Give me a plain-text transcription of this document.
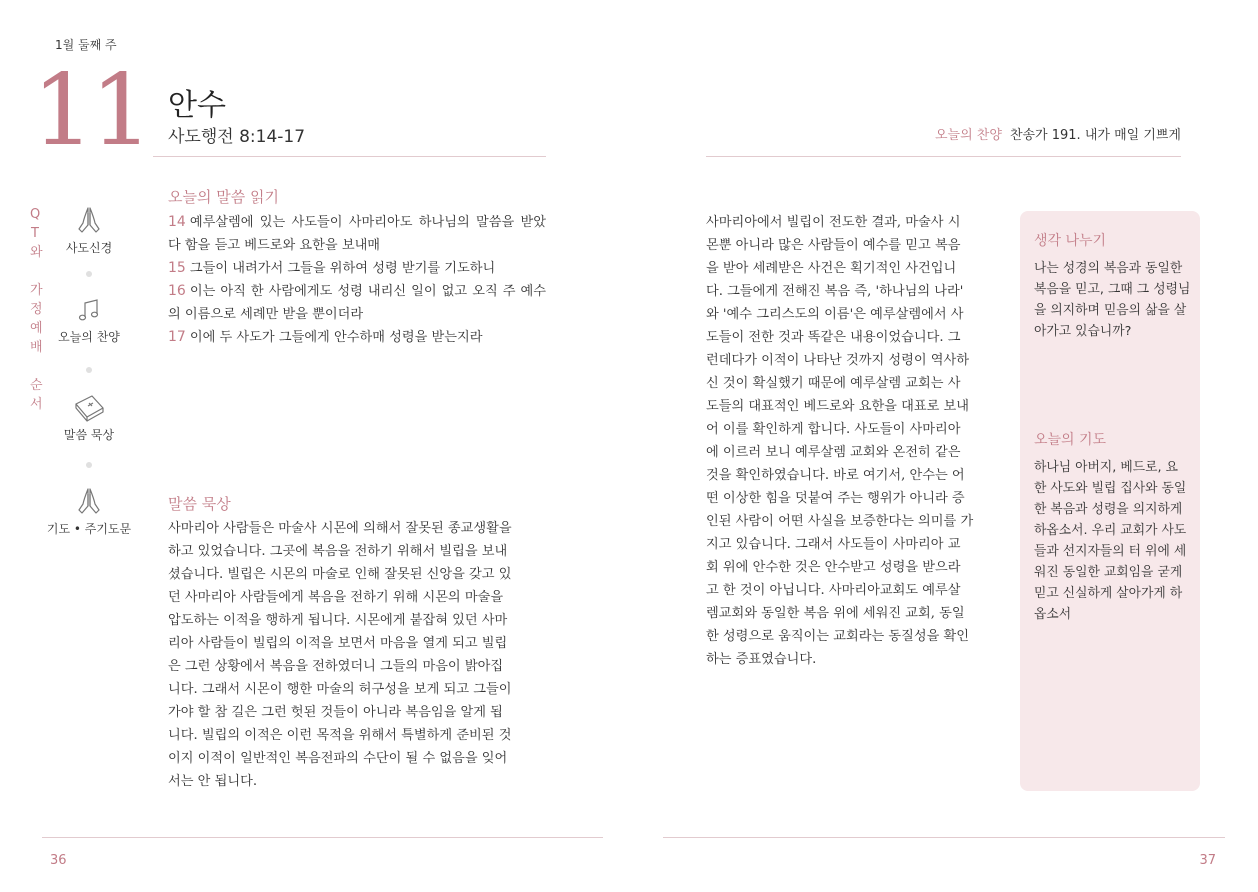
1월 둘째 주
11 안수
사도행전 8:14-17	오늘의 찬양 찬송가 191. 내가 매일 기쁘게
Q
T
와
가
정
예
배
순
서
사도신경
오늘의 찬양
말씀 묵상
기도 • 주기도문
오늘의 말씀 읽기
14 예루살렘에 있는 사도들이 사마리아도 하나님의 말씀을 받았다 함을 듣고 베드로와 요한을 보내매
15 그들이 내려가서 그들을 위하여 성령 받기를 기도하니
16 이는 아직 한 사람에게도 성령 내리신 일이 없고 오직 주 예수의 이름으로 세례만 받을 뿐이더라
17 이에 두 사도가 그들에게 안수하매 성령을 받는지라
말씀 묵상
사마리아 사람들은 마술사 시몬에 의해서 잘못된 종교생활을
하고 있었습니다. 그곳에 복음을 전하기 위해서 빌립을 보내
셨습니다. 빌립은 시몬의 마술로 인해 잘못된 신앙을 갖고 있
던 사마리아 사람들에게 복음을 전하기 위해 시몬의 마술을
압도하는 이적을 행하게 됩니다. 시몬에게 붙잡혀 있던 사마
리아 사람들이 빌립의 이적을 보면서 마음을 열게 되고 빌립
은 그런 상황에서 복음을 전하였더니 그들의 마음이 밝아집
니다. 그래서 시몬이 행한 마술의 허구성을 보게 되고 그들이
가야 할 참 길은 그런 헛된 것들이 아니라 복음임을 알게 됩
니다. 빌립의 이적은 이런 목적을 위해서 특별하게 준비된 것
이지 이적이 일반적인 복음전파의 수단이 될 수 없음을 잊어
서는 안 됩니다.
사마리아에서 빌립이 전도한 결과, 마술사 시
몬뿐 아니라 많은 사람들이 예수를 믿고 복음
을 받아 세례받은 사건은 획기적인 사건입니
다. 그들에게 전해진 복음 즉, '하나님의 나라'
와 '예수 그리스도의 이름'은 예루살렘에서 사
도들이 전한 것과 똑같은 내용이었습니다. 그
런데다가 이적이 나타난 것까지 성령이 역사하
신 것이 확실했기 때문에 예루살렘 교회는 사
도들의 대표적인 베드로와 요한을 대표로 보내
어 이를 확인하게 합니다. 사도들이 사마리아
에 이르러 보니 예루살렘 교회와 온전히 같은
것을 확인하였습니다. 바로 여기서, 안수는 어
떤 이상한 힘을 덧붙여 주는 행위가 아니라 증
인된 사람이 어떤 사실을 보증한다는 의미를 가
지고 있습니다. 그래서 사도들이 사마리아 교
회 위에 안수한 것은 안수받고 성령을 받으라
고 한 것이 아닙니다. 사마리아교회도 예루살
렘교회와 동일한 복음 위에 세워진 교회, 동일
한 성령으로 움직이는 교회라는 동질성을 확인
하는 증표였습니다.
생각 나누기
나는 성경의 복음과 동일한
복음을 믿고, 그때 그 성령님
을 의지하며 믿음의 삶을 살
아가고 있습니까?
오늘의 기도
하나님 아버지, 베드로, 요
한 사도와 빌립 집사와 동일
한 복음과 성령을 의지하게
하옵소서. 우리 교회가 사도
들과 선지자들의 터 위에 세
워진 동일한 교회임을 굳게
믿고 신실하게 살아가게 하
옵소서
36	37
